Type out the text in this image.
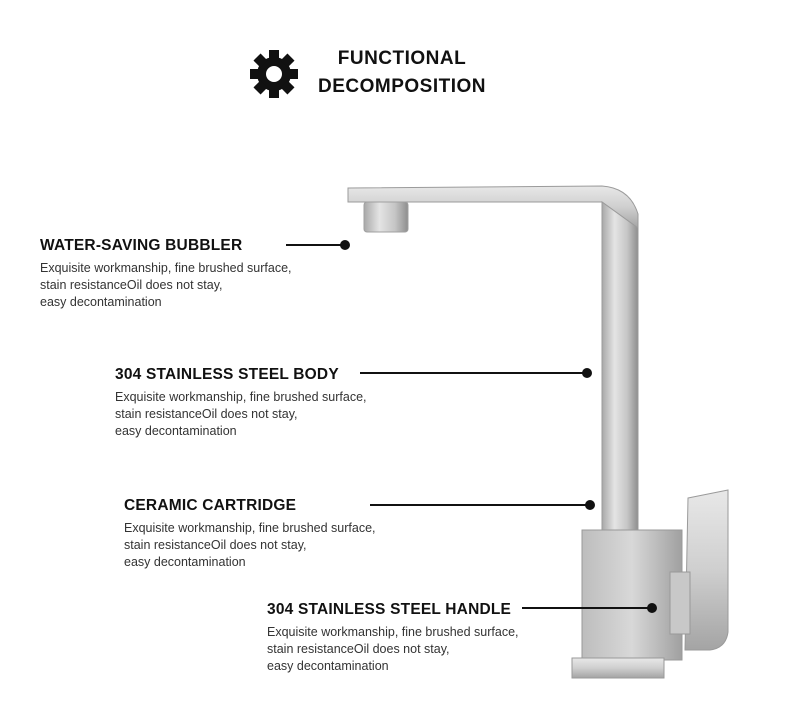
FUNCTIONAL
DECOMPOSITION
WATER-SAVING BUBBLER

Exquisite workmanship, fine brushed surface,
stain resistanceOil does not stay,
easy decontamination

304 STAINLESS STEEL BODY

Exquisite workmanship, fine brushed surface,
stain resistanceOil does not stay,
easy decontamination

CERAMIC CARTRIDGE

Exquisite workmanship, fine brushed surface,
stain resistanceOil does not stay,
easy decontamination

304 STAINLESS STEEL HANDLE

Exquisite workmanship, fine brushed surface,
stain resistanceOil does not stay,
easy decontamination
